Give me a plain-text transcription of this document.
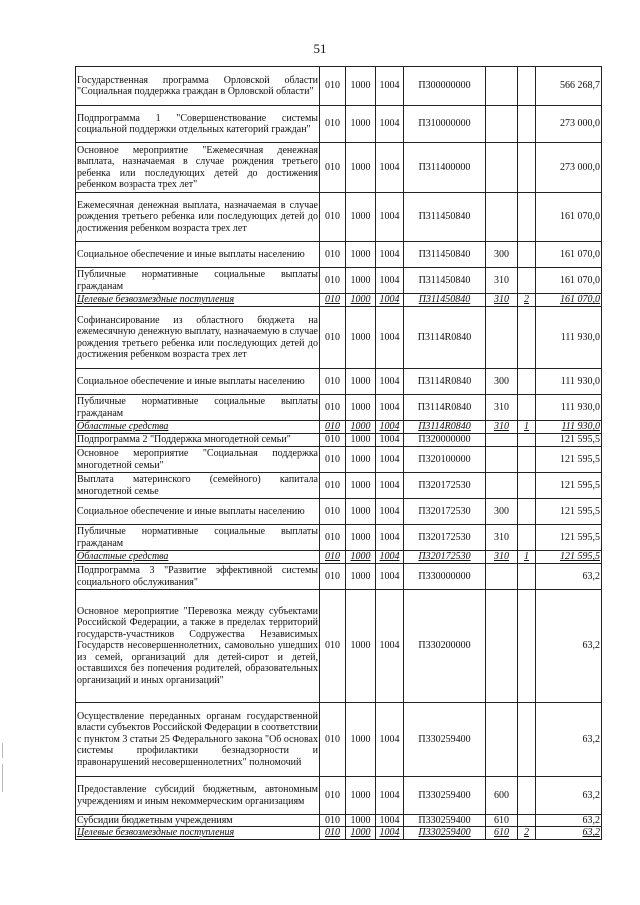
51
Государственная программа Орловской области "Социальная поддержка граждан в Орловской области"	010	1000	1004	П300000000			566 268,7
Подпрограмма 1 "Совершенствование системы социальной поддержки отдельных категорий граждан"	010	1000	1004	П310000000			273 000,0
Основное мероприятие "Ежемесячная денежная выплата, назначаемая в случае рождения третьего ребенка или последующих детей до достижения ребенком возраста трех лет"	010	1000	1004	П311400000			273 000,0
Ежемесячная денежная выплата, назначаемая в случае рождения третьего ребенка или последующих детей до достижения ребенком возраста трех лет	010	1000	1004	П311450840			161 070,0
Социальное обеспечение и иные выплаты населению	010	1000	1004	П311450840	300		161 070,0
Публичные нормативные социальные выплаты гражданам	010	1000	1004	П311450840	310		161 070,0
Целевые безвозмездные поступления	010	1000	1004	П311450840	310	2	161 070,0
Софинансирование из областного бюджета на ежемесячную денежную выплату, назначаемую в случае рождения третьего ребенка или последующих детей до достижения ребенком возраста трех лет	010	1000	1004	П3114R0840			111 930,0
Социальное обеспечение и иные выплаты населению	010	1000	1004	П3114R0840	300		111 930,0
Публичные нормативные социальные выплаты гражданам	010	1000	1004	П3114R0840	310		111 930,0
Областные средства	010	1000	1004	П3114R0840	310	1	111 930,0
Подпрограмма 2 "Поддержка многодетной семьи"	010	1000	1004	П320000000			121 595,5
Основное мероприятие "Социальная поддержка многодетной семьи"	010	1000	1004	П320100000			121 595,5
Выплата материнского (семейного) капитала многодетной семье	010	1000	1004	П320172530			121 595,5
Социальное обеспечение и иные выплаты населению	010	1000	1004	П320172530	300		121 595,5
Публичные нормативные социальные выплаты гражданам	010	1000	1004	П320172530	310		121 595,5
Областные средства	010	1000	1004	П320172530	310	1	121 595,5
Подпрограмма 3 "Развитие эффективной системы социального обслуживания"	010	1000	1004	П330000000			63,2
Основное мероприятие "Перевозка между субъектами Российской Федерации, а также в пределах территорий государств-участников Содружества Независимых Государств несовершеннолетних, самовольно ушедших из семей, организаций для детей-сирот и детей, оставшихся без попечения родителей, образовательных организаций и иных организаций"	010	1000	1004	П330200000			63,2
Осуществление переданных органам государственной власти субъектов Российской Федерации в соответствии с пунктом 3 статьи 25 Федерального закона "Об основах системы профилактики безнадзорности и правонарушений несовершеннолетних" полномочий	010	1000	1004	П330259400			63,2
Предоставление субсидий бюджетным, автономным учреждениям и иным некоммерческим организациям	010	1000	1004	П330259400	600		63,2
Субсидии бюджетным учреждениям	010	1000	1004	П330259400	610		63,2
Целевые безвозмездные поступления	010	1000	1004	П330259400	610	2	63,2
